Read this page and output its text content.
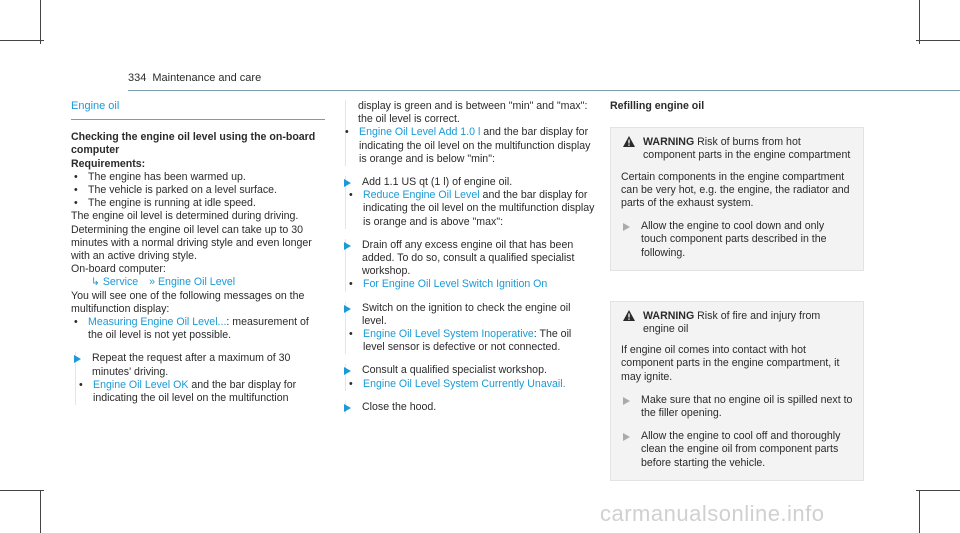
334 Maintenance and care
Engine oil

Checking the engine oil level using the on-board computer

Requirements:

• The engine has been warmed up.

• The vehicle is parked on a level surface.

• The engine is running at idle speed.

The engine oil level is determined during driving. Determining the engine oil level can take up to 30 minutes with a normal driving style and even longer with an active driving style.

On-board computer:

↳ Service » Engine Oil Level

You will see one of the following messages on the multifunction display:

• Measuring Engine Oil Level...: measurement of the oil level is not yet possible.

Repeat the request after a maximum of 30 minutes' driving.

• Engine Oil Level OK and the bar display for indicating the oil level on the multifunction

display is green and is between "min" and "max": the oil level is correct.

• Engine Oil Level Add 1.0 l and the bar display for indicating the oil level on the multifunction display is orange and is below "min":

Add 1.1 US qt (1 l) of engine oil.

• Reduce Engine Oil Level and the bar display for indicating the oil level on the multifunction display is orange and is above "max":

Drain off any excess engine oil that has been added. To do so, consult a qualified specialist workshop.

• For Engine Oil Level Switch Ignition On

Switch on the ignition to check the engine oil level.

• Engine Oil Level System Inoperative: The oil level sensor is defective or not connected.

Consult a qualified specialist workshop.

• Engine Oil Level System Currently Unavail.

Close the hood.

Refilling engine oil

WARNING Risk of burns from hot component parts in the engine compartment

Certain components in the engine compartment can be very hot, e.g. the engine, the radiator and parts of the exhaust system.

Allow the engine to cool down and only touch component parts described in the following.

WARNING Risk of fire and injury from engine oil

If engine oil comes into contact with hot component parts in the engine compartment, it may ignite.

Make sure that no engine oil is spilled next to the filler opening.

Allow the engine to cool off and thoroughly clean the engine oil from component parts before starting the vehicle.

carmanualsonline.info
